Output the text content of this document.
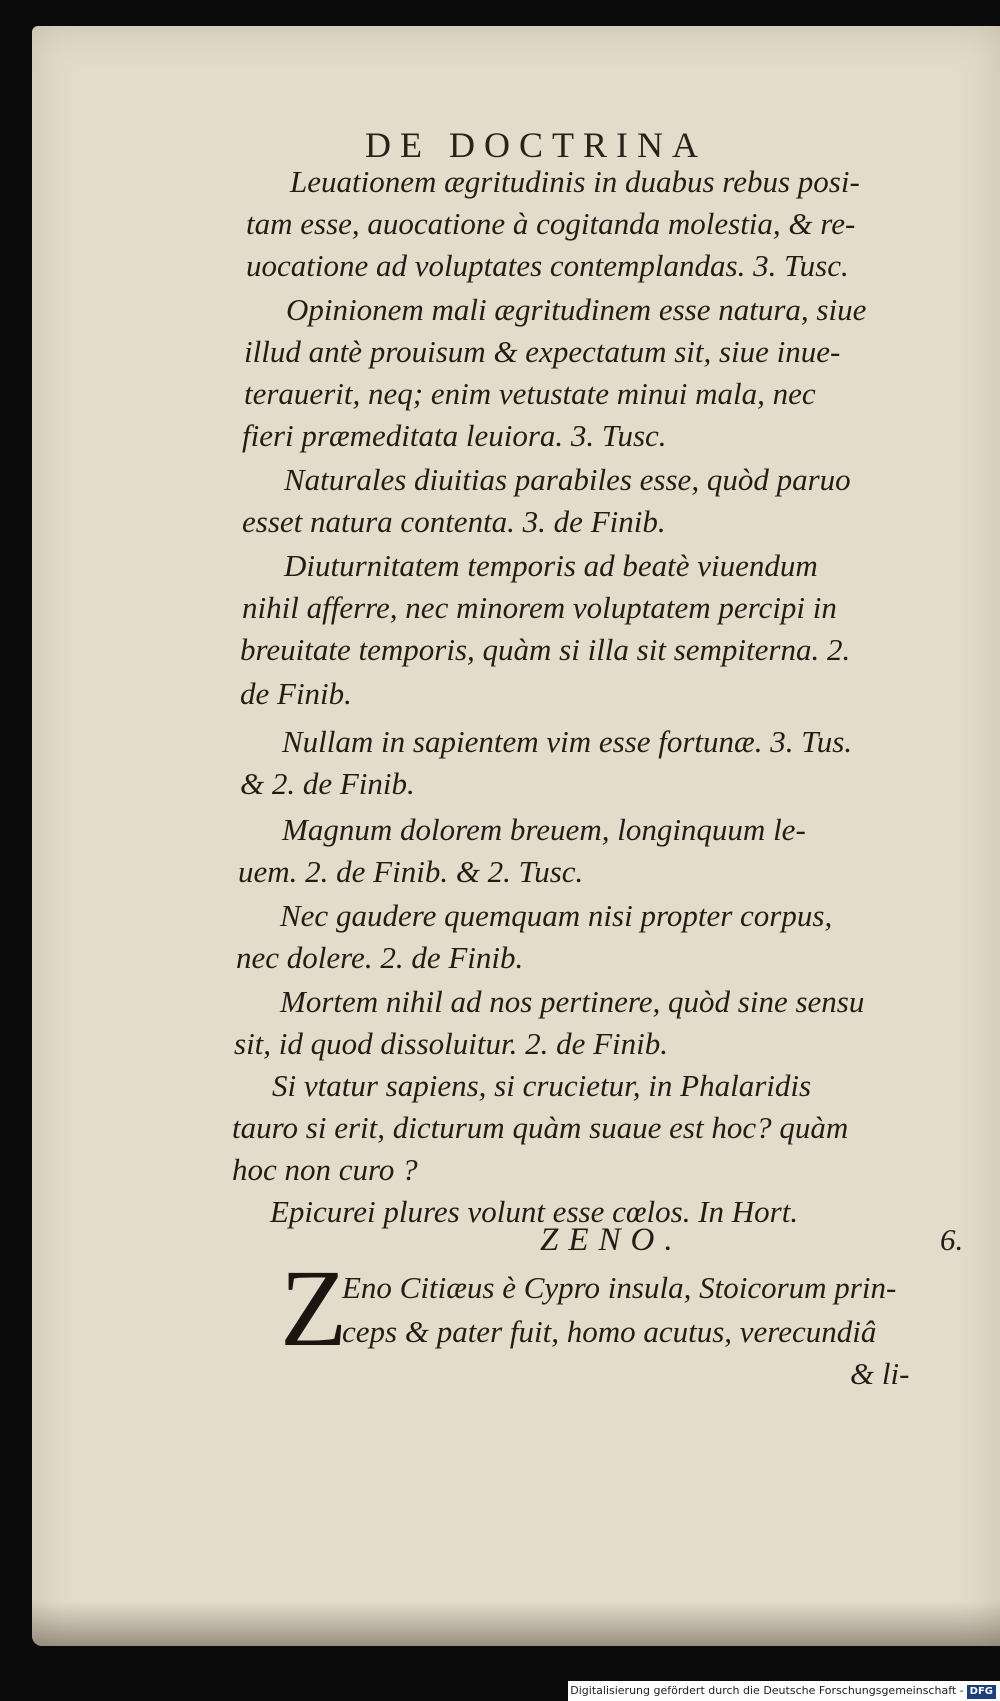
DE DOCTRINA
Leuationem ægritudinis in duabus rebus posi-
tam esse, auocatione à cogitanda molestia, & re-
uocatione ad voluptates contemplandas. 3. Tusc.
Opinionem mali ægritudinem esse natura, siue
illud antè prouisum & expectatum sit, siue inue-
terauerit, neq; enim vetustate minui mala, nec
fieri præmeditata leuiora. 3. Tusc.
Naturales diuitias parabiles esse, quòd paruo
esset natura contenta. 3. de Finib.
Diuturnitatem temporis ad beatè viuendum
nihil afferre, nec minorem voluptatem percipi in
breuitate temporis, quàm si illa sit sempiterna. 2.
de Finib.
Nullam in sapientem vim esse fortunæ. 3. Tus.
& 2. de Finib.
Magnum dolorem breuem, longinquum le-
uem. 2. de Finib. & 2. Tusc.
Nec gaudere quemquam nisi propter corpus,
nec dolere. 2. de Finib.
Mortem nihil ad nos pertinere, quòd sine sensu
sit, id quod dissoluitur. 2. de Finib.
Si vtatur sapiens, si crucietur, in Phalaridis
tauro si erit, dicturum quàm suaue est hoc? quàm
hoc non curo ?
Epicurei plures volunt esse cœlos. In Hort.
ZENO.	6.
Z
Eno Citiæus è Cypro insula, Stoicorum prin-
ceps & pater fuit, homo acutus, verecundiâ
& li-
Digitalisierung gefördert durch die Deutsche Forschungsgemeinschaft - DFG
